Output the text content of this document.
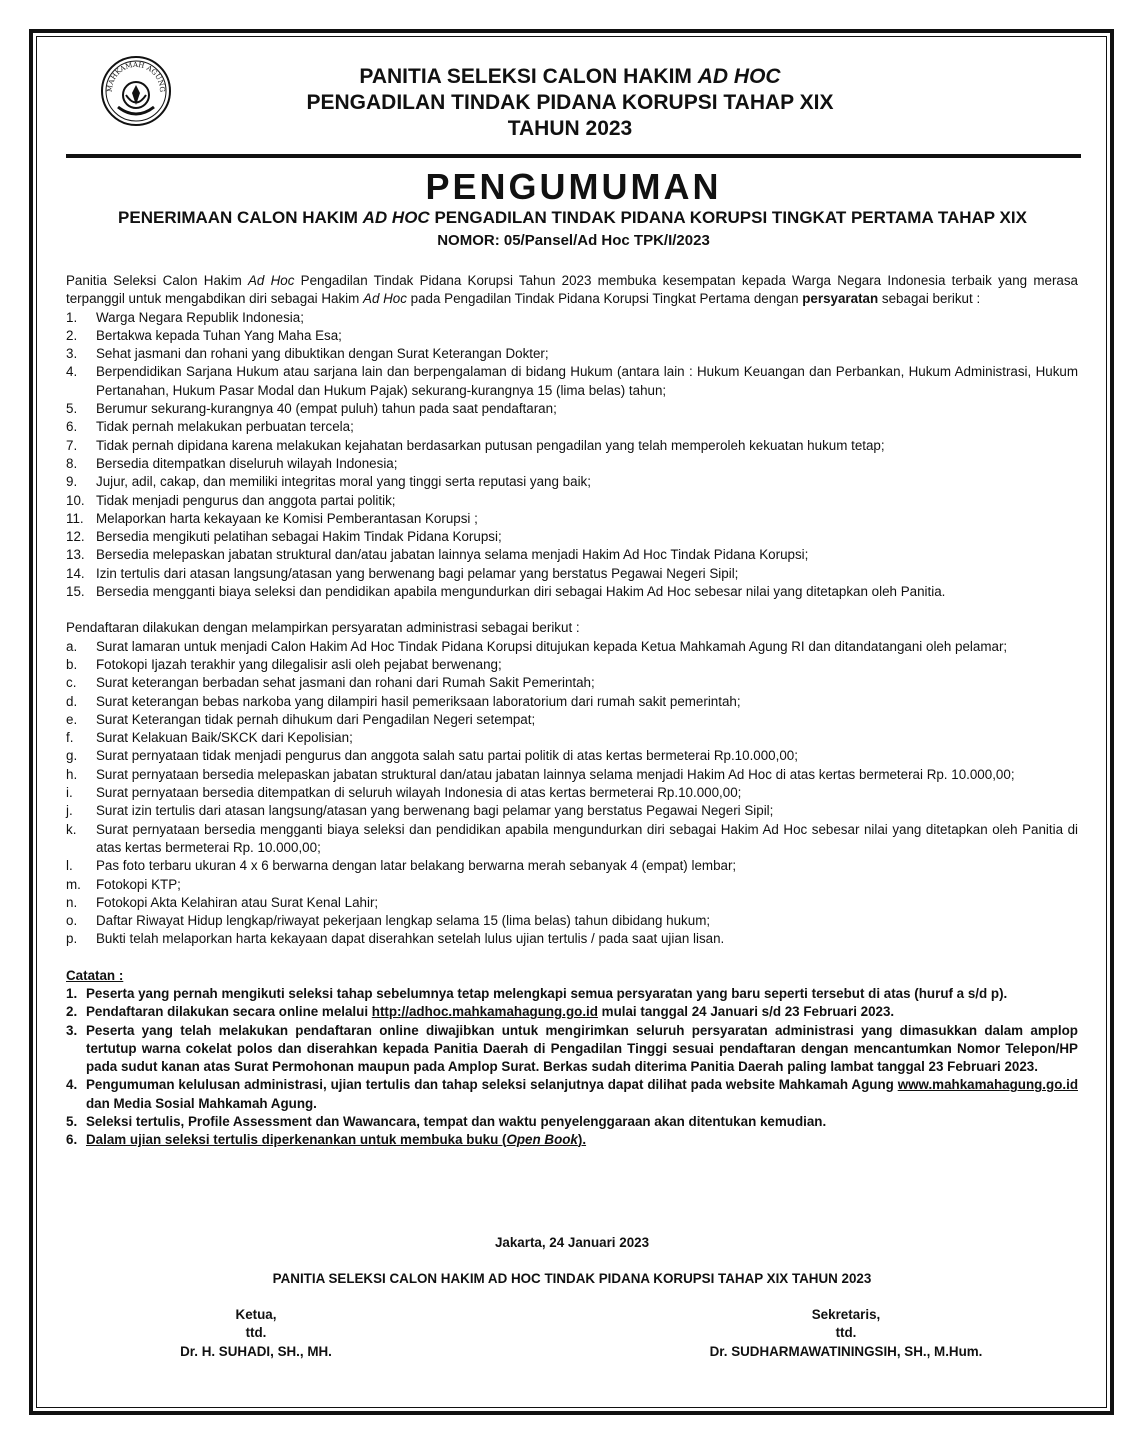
MAHKAMAH AGUNG
PANITIA SELEKSI CALON HAKIM AD HOC
PENGADILAN TINDAK PIDANA KORUPSI TAHAP XIX
TAHUN 2023
PENGUMUMAN
PENERIMAAN CALON HAKIM AD HOC PENGADILAN TINDAK PIDANA KORUPSI TINGKAT PERTAMA TAHAP XIX
NOMOR: 05/Pansel/Ad Hoc TPK/I/2023

Panitia Seleksi Calon Hakim Ad Hoc Pengadilan Tindak Pidana Korupsi Tahun 2023 membuka kesempatan kepada Warga Negara Indonesia terbaik yang merasa terpanggil untuk mengabdikan diri sebagai Hakim Ad Hoc pada Pengadilan Tindak Pidana Korupsi Tingkat Pertama dengan persyaratan sebagai berikut :

1.	Warga Negara Republik Indonesia;
2.	Bertakwa kepada Tuhan Yang Maha Esa;
3.	Sehat jasmani dan rohani yang dibuktikan dengan Surat Keterangan Dokter;
4.	Berpendidikan Sarjana Hukum atau sarjana lain dan berpengalaman di bidang Hukum (antara lain : Hukum Keuangan dan Perbankan, Hukum Administrasi, Hukum Pertanahan, Hukum Pasar Modal dan Hukum Pajak) sekurang-kurangnya 15 (lima belas) tahun;
5.	Berumur sekurang-kurangnya 40 (empat puluh) tahun pada saat pendaftaran;
6.	Tidak pernah melakukan perbuatan tercela;
7.	Tidak pernah dipidana karena melakukan kejahatan berdasarkan putusan pengadilan yang telah memperoleh kekuatan hukum tetap;
8.	Bersedia ditempatkan diseluruh wilayah Indonesia;
9.	Jujur, adil, cakap, dan memiliki integritas moral yang tinggi serta reputasi yang baik;
10. Tidak menjadi pengurus dan anggota partai politik;
11. Melaporkan harta kekayaan ke Komisi Pemberantasan Korupsi ;
12. Bersedia mengikuti pelatihan sebagai Hakim Tindak Pidana Korupsi;
13. Bersedia melepaskan jabatan struktural dan/atau jabatan lainnya selama menjadi Hakim Ad Hoc Tindak Pidana Korupsi;
14. Izin tertulis dari atasan langsung/atasan yang berwenang bagi pelamar yang berstatus Pegawai Negeri Sipil;
15. Bersedia mengganti biaya seleksi dan pendidikan apabila mengundurkan diri sebagai Hakim Ad Hoc sebesar nilai yang ditetapkan oleh Panitia.

Pendaftaran dilakukan dengan melampirkan persyaratan administrasi sebagai berikut :

a.	Surat lamaran untuk menjadi Calon Hakim Ad Hoc Tindak Pidana Korupsi ditujukan kepada Ketua Mahkamah Agung RI dan ditandatangani oleh pelamar;
b.	Fotokopi Ijazah terakhir yang dilegalisir asli oleh pejabat berwenang;
c.	Surat keterangan berbadan sehat jasmani dan rohani dari Rumah Sakit Pemerintah;
d.	Surat keterangan bebas narkoba yang dilampiri hasil pemeriksaan laboratorium dari rumah sakit pemerintah;
e.	Surat Keterangan tidak pernah dihukum dari Pengadilan Negeri setempat;
f.	Surat Kelakuan Baik/SKCK dari Kepolisian;
g.	Surat pernyataan tidak menjadi pengurus dan anggota salah satu partai politik di atas kertas bermeterai Rp.10.000,00;
h.	Surat pernyataan bersedia melepaskan jabatan struktural dan/atau jabatan lainnya selama menjadi Hakim Ad Hoc di atas kertas bermeterai Rp. 10.000,00;
i.	Surat pernyataan bersedia ditempatkan di seluruh wilayah Indonesia di atas kertas bermeterai Rp.10.000,00;
j.	Surat izin tertulis dari atasan langsung/atasan yang berwenang bagi pelamar yang berstatus Pegawai Negeri Sipil;
k.	Surat pernyataan bersedia mengganti biaya seleksi dan pendidikan apabila mengundurkan diri sebagai Hakim Ad Hoc sebesar nilai yang ditetapkan oleh Panitia di atas kertas bermeterai Rp. 10.000,00;
l.	Pas foto terbaru ukuran 4 x 6 berwarna dengan latar belakang berwarna merah sebanyak 4 (empat) lembar;
m.	Fotokopi KTP;
n.	Fotokopi Akta Kelahiran atau Surat Kenal Lahir;
o.	Daftar Riwayat Hidup lengkap/riwayat pekerjaan lengkap selama 15 (lima belas) tahun dibidang hukum;
p.	Bukti telah melaporkan harta kekayaan dapat diserahkan setelah lulus ujian tertulis / pada saat ujian lisan.
Catatan :
1. Peserta yang pernah mengikuti seleksi tahap sebelumnya tetap melengkapi semua persyaratan yang baru seperti tersebut di atas (huruf a s/d p).
2. Pendaftaran dilakukan secara online melalui http://adhoc.mahkamahagung.go.id mulai tanggal 24 Januari s/d 23 Februari 2023.
3. Peserta yang telah melakukan pendaftaran online diwajibkan untuk mengirimkan seluruh persyaratan administrasi yang dimasukkan dalam amplop tertutup warna cokelat polos dan diserahkan kepada Panitia Daerah di Pengadilan Tinggi sesuai pendaftaran dengan mencantumkan Nomor Telepon/HP pada sudut kanan atas Surat Permohonan maupun pada Amplop Surat. Berkas sudah diterima Panitia Daerah paling lambat tanggal 23 Februari 2023.
4. Pengumuman kelulusan administrasi, ujian tertulis dan tahap seleksi selanjutnya dapat dilihat pada website Mahkamah Agung www.mahkamahagung.go.id dan Media Sosial Mahkamah Agung.
5. Seleksi tertulis, Profile Assessment dan Wawancara, tempat dan waktu penyelenggaraan akan ditentukan kemudian.
6. Dalam ujian seleksi tertulis diperkenankan untuk membuka buku (Open Book).
Jakarta, 24 Januari 2023
PANITIA SELEKSI CALON HAKIM AD HOC TINDAK PIDANA KORUPSI TAHAP XIX TAHUN 2023
Ketua,
ttd.
Dr. H. SUHADI, SH., MH.
Sekretaris,
ttd.
Dr. SUDHARMAWATININGSIH, SH., M.Hum.
